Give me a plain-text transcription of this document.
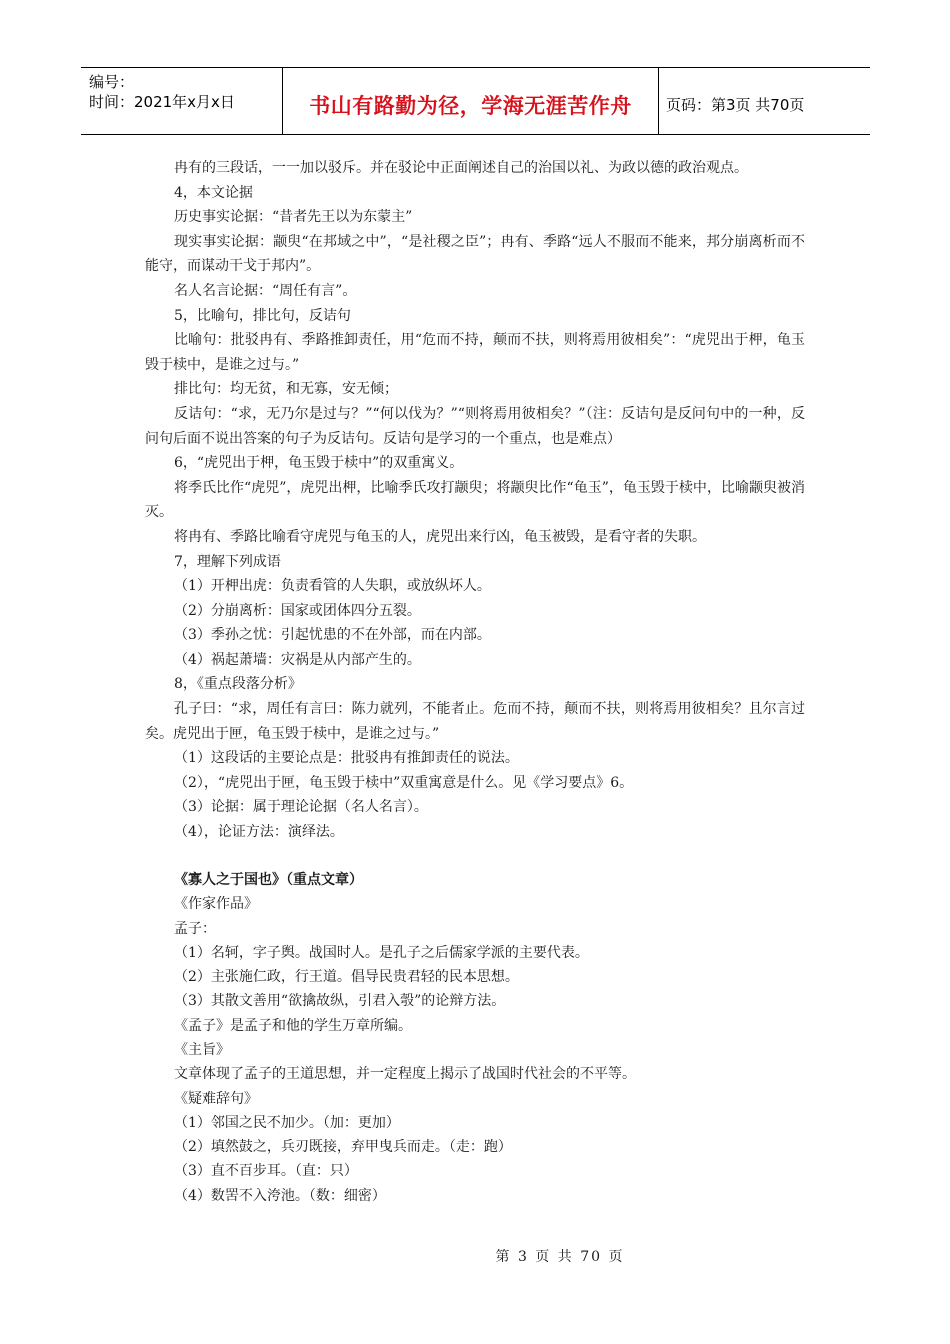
编号：
时间：2021年x月x日	书山有路勤为径，学海无涯苦作舟	页码：第3页 共70页

冉有的三段话，一一加以驳斥。并在驳论中正面阐述自己的治国以礼、为政以德的政治观点。

4，本文论据

历史事实论据：“昔者先王以为东蒙主”

现实事实论据：颛臾“在邦域之中”，“是社稷之臣”；冉有、季路“远人不服而不能来，邦分崩离析而不能守，而谋动干戈于邦内”。

名人名言论据：“周任有言”。

5，比喻句，排比句，反诘句

比喻句：批驳冉有、季路推卸责任，用“危而不持，颠而不扶，则将焉用彼相矣”：“虎兕出于柙，龟玉毁于椟中，是谁之过与。”

排比句：均无贫，和无寡，安无倾；

反诘句：“求，无乃尔是过与？”“何以伐为？”“则将焉用彼相矣？”（注：反诘句是反问句中的一种，反问句后面不说出答案的句子为反诘句。反诘句是学习的一个重点，也是难点）

6，“虎兕出于柙，龟玉毁于椟中”的双重寓义。

将季氏比作“虎兕”，虎兕出柙，比喻季氏攻打颛臾；将颛臾比作“龟玉”，龟玉毁于椟中，比喻颛臾被消灭。

将冉有、季路比喻看守虎兕与龟玉的人，虎兕出来行凶，龟玉被毁，是看守者的失职。

7，理解下列成语

（1）开柙出虎：负责看管的人失职，或放纵坏人。

（2）分崩离析：国家或团体四分五裂。

（3）季孙之忧：引起忧患的不在外部，而在内部。

（4）祸起萧墙：灾祸是从内部产生的。

8，《重点段落分析》

孔子曰：“求，周任有言曰：陈力就列，不能者止。危而不持，颠而不扶，则将焉用彼相矣？且尔言过矣。虎兕出于匣，龟玉毁于椟中，是谁之过与。”

（1）这段话的主要论点是：批驳冉有推卸责任的说法。

（2），“虎兕出于匣，龟玉毁于椟中”双重寓意是什么。见《学习要点》6。

（3）论据：属于理论论据（名人名言）。

（4），论证方法：演绎法。

《寡人之于国也》（重点文章）

《作家作品》

孟子：

（1）名轲，字子舆。战国时人。是孔子之后儒家学派的主要代表。

（2）主张施仁政，行王道。倡导民贵君轻的民本思想。

（3）其散文善用“欲擒故纵，引君入彀”的论辩方法。

《孟子》是孟子和他的学生万章所编。

《主旨》

文章体现了孟子的王道思想，并一定程度上揭示了战国时代社会的不平等。

《疑难辞句》

（1）邻国之民不加少。（加：更加）

（2）填然鼓之，兵刃既接，弃甲曳兵而走。（走：跑）

（3）直不百步耳。（直：只）

（4）数罟不入洿池。（数：细密）

第 3 页 共 70 页
